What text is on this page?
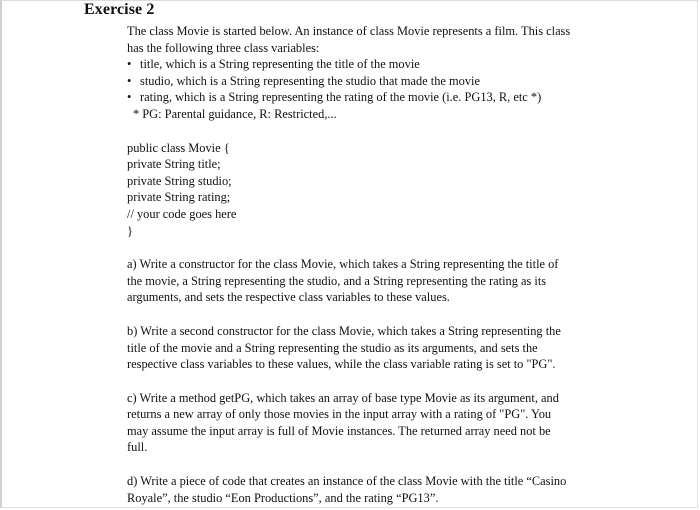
Exercise 2

The class Movie is started below. An instance of class Movie represents a film. This class

has the following three class variables:

• title, which is a String representing the title of the movie
• studio, which is a String representing the studio that made the movie
• rating, which is a String representing the rating of the movie (i.e. PG13, R, etc *)

* PG: Parental guidance, R: Restricted,...

public class Movie {

private String title;

private String studio;

private String rating;

// your code goes here

}

a) Write a constructor for the class Movie, which takes a String representing the title of

the movie, a String representing the studio, and a String representing the rating as its

arguments, and sets the respective class variables to these values.

b) Write a second constructor for the class Movie, which takes a String representing the

title of the movie and a String representing the studio as its arguments, and sets the

respective class variables to these values, while the class variable rating is set to "PG".

c) Write a method getPG, which takes an array of base type Movie as its argument, and

returns a new array of only those movies in the input array with a rating of "PG". You

may assume the input array is full of Movie instances. The returned array need not be

full.

d) Write a piece of code that creates an instance of the class Movie with the title “Casino

Royale”, the studio “Eon Productions”, and the rating “PG13”.
